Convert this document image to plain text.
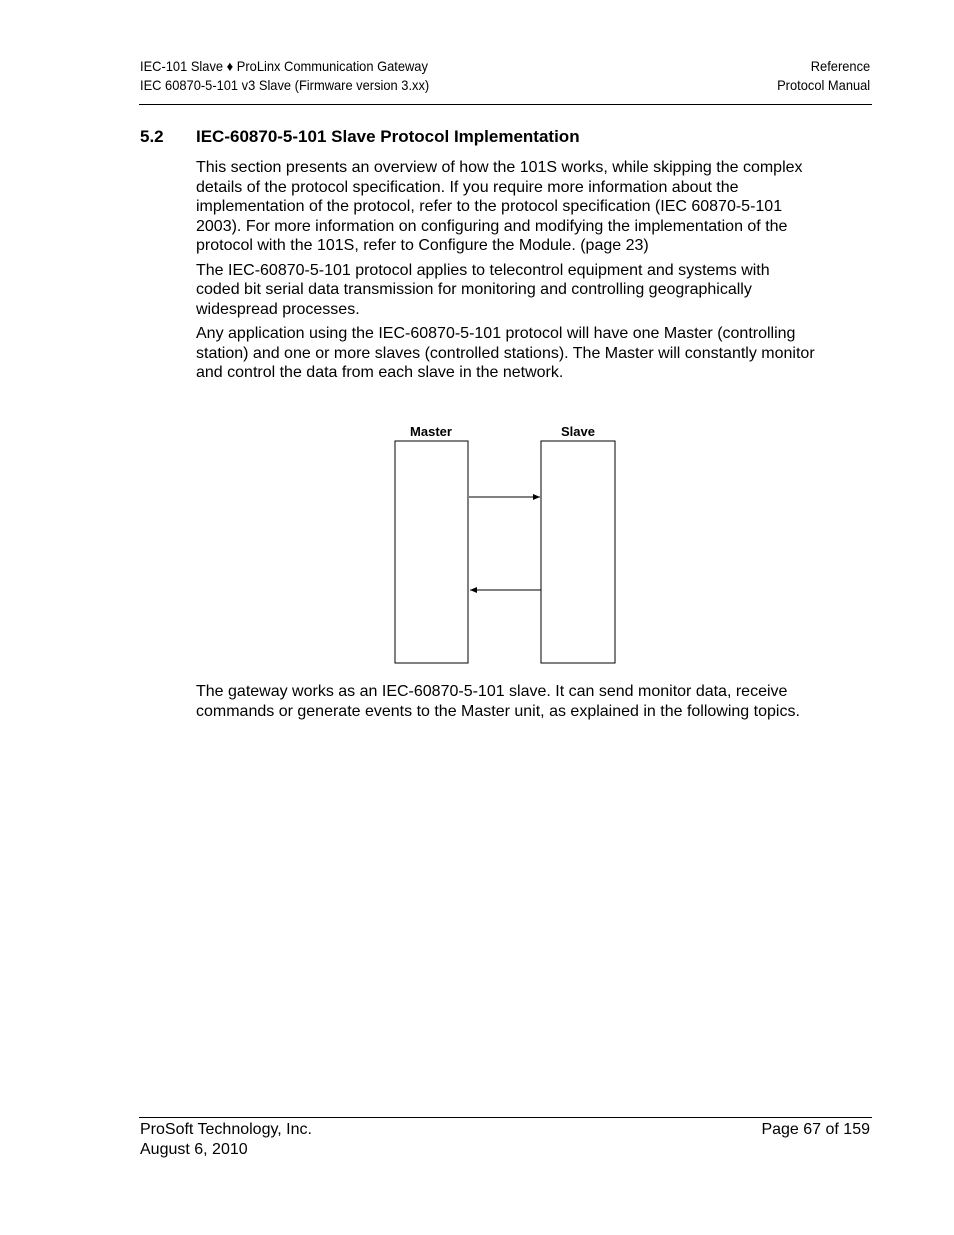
IEC-101 Slave ♦ ProLinx Communication Gateway
IEC 60870-5-101 v3 Slave (Firmware version 3.xx)
Reference
Protocol Manual
5.2 IEC-60870-5-101 Slave Protocol Implementation

This section presents an overview of how the 101S works, while skipping the complex details of the protocol specification. If you require more information about the implementation of the protocol, refer to the protocol specification (IEC 60870-5-101 2003). For more information on configuring and modifying the implementation of the protocol with the 101S, refer to Configure the Module. (page 23)

The IEC-60870-5-101 protocol applies to telecontrol equipment and systems with coded bit serial data transmission for monitoring and controlling geographically widespread processes.

Any application using the IEC-60870-5-101 protocol will have one Master (controlling station) and one or more slaves (controlled stations). The Master will constantly monitor and control the data from each slave in the network.

Master	Slave

The gateway works as an IEC-60870-5-101 slave. It can send monitor data, receive commands or generate events to the Master unit, as explained in the following topics.

ProSoft Technology, Inc.
August 6, 2010
Page 67 of 159
